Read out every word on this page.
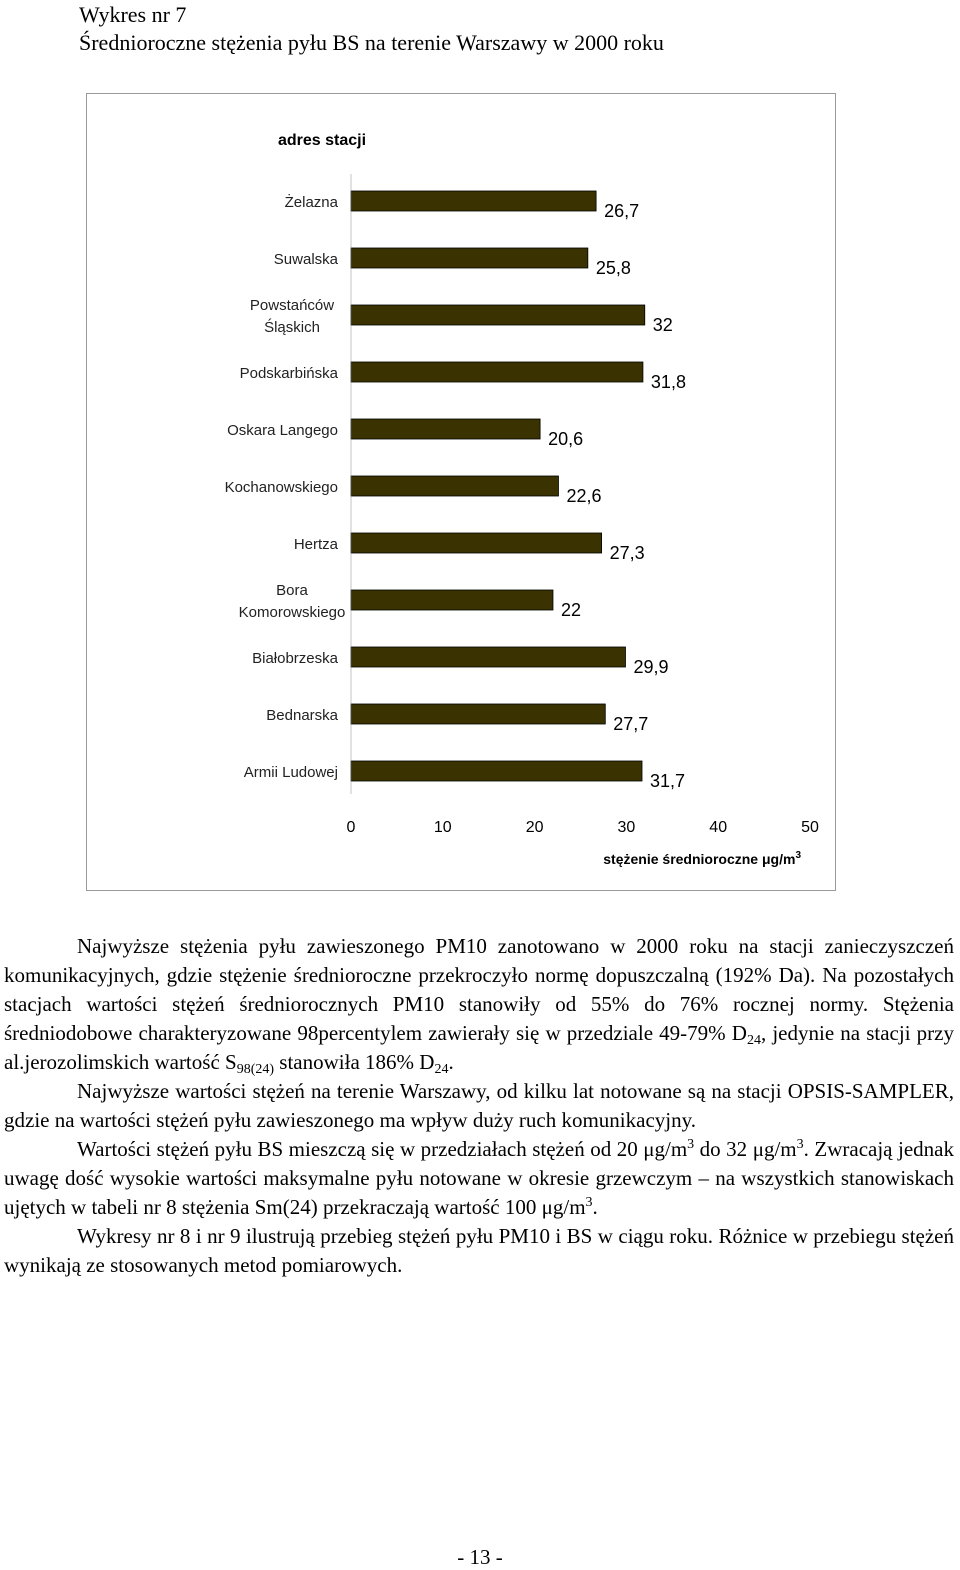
Wykres nr 7
Średnioroczne stężenia pyłu BS na terenie Warszawy w 2000 roku
adres stacji
26,7
25,8
32
31,8
20,6
22,6
27,3
22
29,9
27,7
31,7
Żelazna
Suwalska
Powstańców Śląskich
Podskarbińska
Oskara Langego
Kochanowskiego
Hertza
Bora Komorowskiego
Białobrzeska
Bednarska
Armii Ludowej
0	10	20	30	40	50
stężenie średnioroczne $\mu g/m^3$

Najwyższe stężenia pyłu zawieszonego PM10 zanotowano w 2000 roku na stacji zanieczyszczeń komunikacyjnych, gdzie stężenie średnioroczne przekroczyło normę dopuszczalną (192% Da). Na pozostałych stacjach wartości stężeń średniorocznych PM10 stanowiły od 55% do 76% rocznej normy. Stężenia średniodobowe charakteryzowane 98percentylem zawierały się w przedziale 49-79% $D_{24}$, jedynie na stacji przy al.jerozolimskich wartość $S_{98(24)}$ stanowiła 186% $D_{24}$.

Najwyższe wartości stężeń na terenie Warszawy, od kilku lat notowane są na stacji OPSIS-SAMPLER, gdzie na wartości stężeń pyłu zawieszonego ma wpływ duży ruch komunikacyjny.

Wartości stężeń pyłu BS mieszczą się w przedziałach stężeń od 20 $\mu g/m^3$ do 32 $\mu g/m^3$. Zwracają jednak uwagę dość wysokie wartości maksymalne pyłu notowane w okresie grzewczym – na wszystkich stanowiskach ujętych w tabeli nr 8 stężenia Sm(24) przekraczają wartość 100 $\mu g/m^3$.

Wykresy nr 8 i nr 9 ilustrują przebieg stężeń pyłu PM10 i BS w ciągu roku. Różnice w przebiegu stężeń wynikają ze stosowanych metod pomiarowych.

- 13 -
